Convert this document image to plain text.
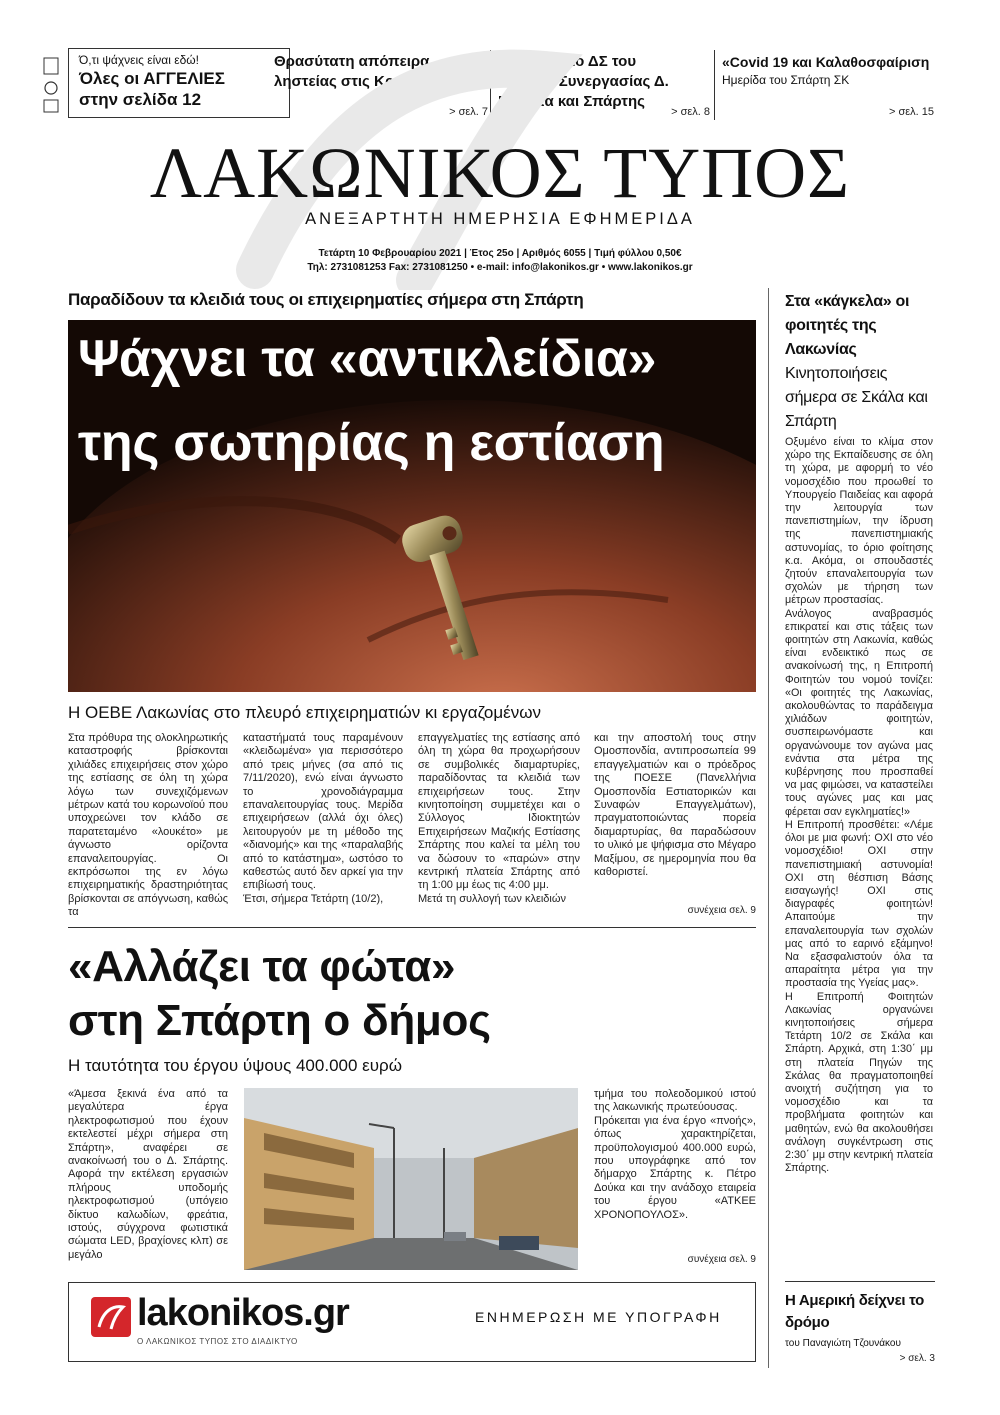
Ό,τι ψάχνεις είναι εδώ!
Όλες οι ΑΓΓΕΛΙΕΣ
στην σελίδα 12
Θρασύτατη απόπειρα ληστείας στις Κροκεές
> σελ. 7
Ορίστηκε το ΔΣ του Δικτύου Συνεργασίας Δ. Ευρώτα και Σπάρτης
> σελ. 8
«Covid 19 και Καλαθοσφαίριση
Ημερίδα του Σπάρτη ΣΚ
> σελ. 15
ΛΑΚΩΝΙΚΟΣ ΤΥΠΟΣ
ΑΝΕΞΑΡΤΗΤΗ ΗΜΕΡΗΣΙΑ ΕΦΗΜΕΡΙΔΑ
Τετάρτη 10 Φεβρουαρίου 2021 | Έτος 25ο | Αριθμός 6055 | Τιμή φύλλου 0,50€
Τηλ: 2731081253 Fax: 2731081250 • e-mail: info@lakonikos.gr • www.lakonikos.gr
Παραδίδουν τα κλειδιά τους οι επιχειρηματίες σήμερα στη Σπάρτη
Ψάχνει τα «αντικλείδια»
της σωτηρίας η εστίαση
Η ΟΕΒΕ Λακωνίας στο πλευρό επιχειρηματιών κι εργαζομένων
Στα πρόθυρα της ολοκληρωτικής καταστροφής βρίσκονται χιλιάδες επιχειρήσεις στον χώρο της εστίασης σε όλη τη χώρα λόγω των συνεχιζόμενων μέτρων κατά του κορωνοϊού που υποχρεώνει τον κλάδο σε παρατεταμένο «λουκέτο» με άγνωστο ορίζοντα επαναλειτουργίας. Οι εκπρόσωποι της εν λόγω επιχειρηματικής δραστηριότητας βρίσκονται σε απόγνωση, καθώς τα
καταστήματά τους παραμένουν «κλειδωμένα» για περισσότερο από τρεις μήνες (σα από τις 7/11/2020), ενώ είναι άγνωστο το χρονοδιάγραμμα επαναλειτουργίας τους. Μερίδα επιχειρήσεων (αλλά όχι όλες) λειτουργούν με τη μέθοδο της «διανομής» και της «παραλαβής από το κατάστημα», ωστόσο το καθεστώς αυτό δεν αρκεί για την επιβίωσή τους.
Έτσι, σήμερα Τετάρτη (10/2),
επαγγελματίες της εστίασης από όλη τη χώρα θα προχωρήσουν σε συμβολικές διαμαρτυρίες, παραδίδοντας τα κλειδιά των επιχειρήσεων τους. Στην κινητοποίηση συμμετέχει και ο Σύλλογος Ιδιοκτητών Επιχειρήσεων Μαζικής Εστίασης Σπάρτης που καλεί τα μέλη του να δώσουν το «παρών» στην κεντρική πλατεία Σπάρτης από τη 1:00 μμ έως τις 4:00 μμ.
Μετά τη συλλογή των κλειδιών
και την αποστολή τους στην Ομοσπονδία, αντιπροσωπεία 99 επαγγελματιών και ο πρόεδρος της ΠΟΕΣΕ (Πανελλήνια Ομοσπονδία Εστιατορικών και Συναφών Επαγγελμάτων), πραγματοποιώντας πορεία διαμαρτυρίας, θα παραδώσουν το υλικό με ψήφισμα στο Μέγαρο Μαξίμου, σε ημερομηνία που θα καθοριστεί.
συνέχεια σελ. 9
«Αλλάζει τα φώτα»
στη Σπάρτη ο δήμος
Η ταυτότητα του έργου ύψους 400.000 ευρώ
«Άμεσα ξεκινά ένα από τα μεγαλύτερα έργα ηλεκτροφωτισμού που έχουν εκτελεστεί μέχρι σήμερα στη Σπάρτη», αναφέρει σε ανακοίνωσή του ο Δ. Σπάρτης. Αφορά την εκτέλεση εργασιών πλήρους υποδομής ηλεκτροφωτισμού (υπόγειο δίκτυο καλωδίων, φρεάτια, ιστούς, σύγχρονα φωτιστικά σώματα LED, βραχίονες κλπ) σε μεγάλο
τμήμα του πολεοδομικού ιστού της λακωνικής πρωτεύουσας.
Πρόκειται για ένα έργο «πνοής», όπως χαρακτηρίζεται, προϋπολογισμού 400.000 ευρώ, που υπογράφηκε από τον δήμαρχο Σπάρτης κ. Πέτρο Δούκα και την ανάδοχο εταιρεία του έργου «ΑΤΚΕΕ ΧΡΟΝΟΠΟΥΛΟΣ».
συνέχεια σελ. 9
Στα «κάγκελα» οι φοιτητές της Λακωνίας
Κινητοποιήσεις σήμερα σε Σκάλα και Σπάρτη
Οξυμένο είναι το κλίμα στον χώρο της Εκπαίδευσης σε όλη τη χώρα, με αφορμή το νέο νομοσχέδιο που προωθεί το Υπουργείο Παιδείας και αφορά την λειτουργία των πανεπιστημίων, την ίδρυση της πανεπιστημιακής αστυνομίας, το όριο φοίτησης κ.α. Ακόμα, οι σπουδαστές ζητούν επαναλειτουργία των σχολών με τήρηση των μέτρων προστασίας.
Ανάλογος αναβρασμός επικρατεί και στις τάξεις των φοιτητών στη Λακωνία, καθώς είναι ενδεικτικό πως σε ανακοίνωσή της, η Επιτροπή Φοιτητών του νομού τονίζει: «Οι φοιτητές της Λακωνίας, ακολουθώντας το παράδειγμα χιλιάδων φοιτητών, συσπειρωνόμαστε και οργανώνουμε τον αγώνα μας ενάντια στα μέτρα της κυβέρνησης που προσπαθεί να μας φιμώσει, να καταστείλει τους αγώνες μας και μας φέρεται σαν εγκληματίες!»
Η Επιτροπή προσθέτει: «Λέμε όλοι με μια φωνή: ΟΧΙ στο νέο νομοσχέδιο! ΟΧΙ στην πανεπιστημιακή αστυνομία! ΟΧΙ στη θέσπιση Βάσης εισαγωγής! ΟΧΙ στις διαγραφές φοιτητών! Απαιτούμε την επαναλειτουργία των σχολών μας από το εαρινό εξάμηνο! Να εξασφαλιστούν όλα τα απαραίτητα μέτρα για την προστασία της Υγείας μας».
Η Επιτροπή Φοιτητών Λακωνίας οργανώνει κινητοποιήσεις σήμερα Τετάρτη 10/2 σε Σκάλα και Σπάρτη. Αρχικά, στη 1:30΄ μμ στη πλατεία Πηγών της Σκάλας θα πραγματοποιηθεί ανοιχτή συζήτηση για το νομοσχέδιο και τα προβλήματα φοιτητών και μαθητών, ενώ θα ακολουθήσει ανάλογη συγκέντρωση στις 2:30΄ μμ στην κεντρική πλατεία Σπάρτης.
Η Αμερική δείχνει το δρόμο
του Παναγιώτη Τζουνάκου
> σελ. 3
lakonikos.gr
Ο ΛΑΚΩΝΙΚΟΣ ΤΥΠΟΣ ΣΤΟ ΔΙΑΔΙΚΤΥΟ
ΕΝΗΜΕΡΩΣΗ ΜΕ ΥΠΟΓΡΑΦΗ
